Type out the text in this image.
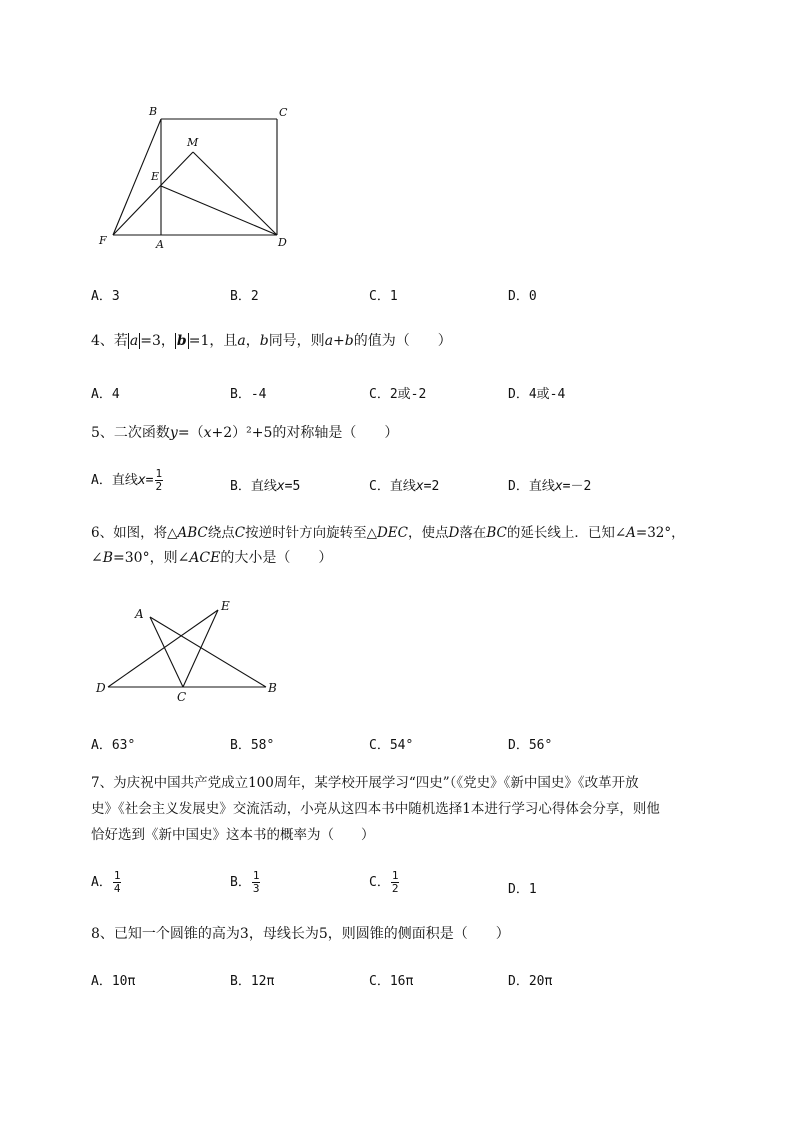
B	C
M
E
F	A	D
A．3	B．2	C．1	D．0
4、若 a =3， b =1，且a，b同号，则a+b的值为（　　）
A．4	B．-4	C．2或-2	D．4或-4
5、二次函数y=（x+2）²+5的对称轴是（　　）
A．直线$x= \frac{1}{2}$	B．直线x=5	C．直线x=2	D．直线x=－2
6、如图，将△ABC绕点C按逆时针方向旋转至△DEC，使点D落在BC的延长线上．已知∠A=32°，
∠B=30°，则∠ACE的大小是（　　）
A
E
D
C
B
A．63°	B．58°	C．54°	D．56°
7、为庆祝中国共产党成立100周年，某学校开展学习“四史”（《党史》《新中国史》《改革开放
史》《社会主义发展史》交流活动，小亮从这四本书中随机选择1本进行学习心得体会分享，则他
恰好选到《新中国史》这本书的概率为（　　）
A． $\frac{1}{4}$	B． $\frac{1}{3}$	C． $\frac{1}{2}$	D．1
8、已知一个圆锥的高为3，母线长为5，则圆锥的侧面积是（　　）
A．10π	B．12π	C．16π	D．20π
